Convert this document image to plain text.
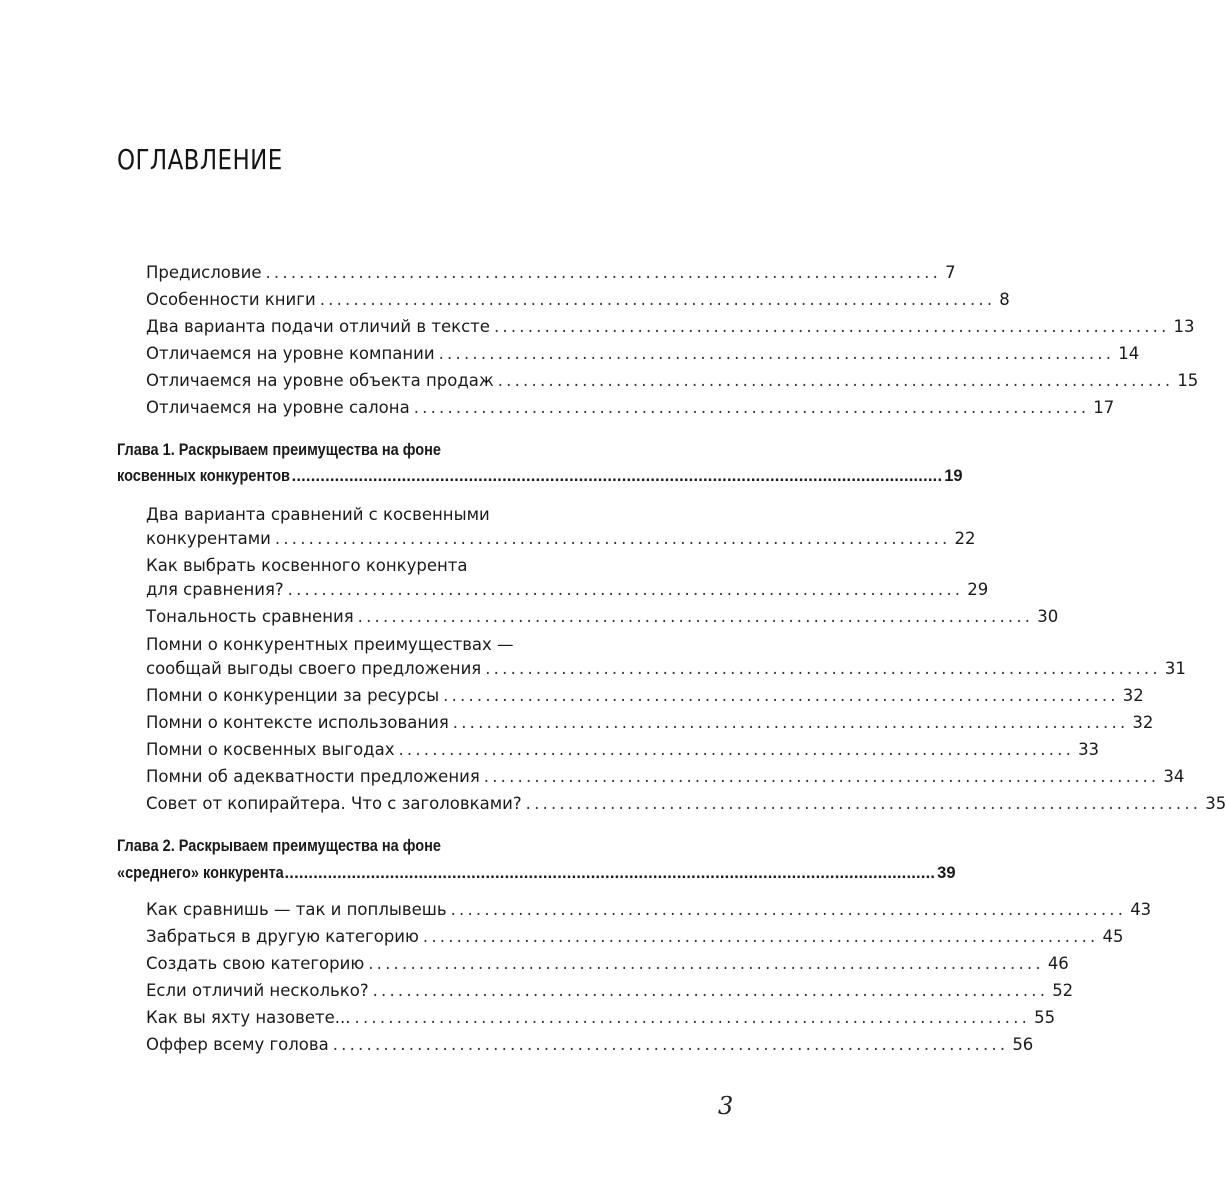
ОГЛАВЛЕНИЕ
Предисловие ................................................................................ 7
Особенности книги ................................................................................ 8
Два варианта подачи отличий в тексте ................................................................................ 13
Отличаемся на уровне компании ................................................................................ 14
Отличаемся на уровне объекта продаж ................................................................................ 15
Отличаемся на уровне салона ................................................................................ 17
Глава 1. Раскрываем преимущества на фоне
косвенных конкурентов ........................................................................................................................................ 19
Два варианта сравнений с косвенными
конкурентами ................................................................................ 22
Как выбрать косвенного конкурента
для сравнения? ................................................................................ 29
Тональность сравнения ................................................................................ 30
Помни о конкурентных преимуществах —
сообщай выгоды своего предложения ................................................................................ 31
Помни о конкуренции за ресурсы ................................................................................ 32
Помни о контексте использования ................................................................................ 32
Помни о косвенных выгодах ................................................................................ 33
Помни об адекватности предложения ................................................................................ 34
Совет от копирайтера. Что с заголовками? ................................................................................ 35
Глава 2. Раскрываем преимущества на фоне
«среднего» конкурента ........................................................................................................................................ 39
Как сравнишь — так и поплывешь ................................................................................ 43
Забраться в другую категорию ................................................................................ 45
Создать свою категорию ................................................................................ 46
Если отличий несколько? ................................................................................ 52
Как вы яхту назовете... ................................................................................ 55
Оффер всему голова ................................................................................ 56
3
